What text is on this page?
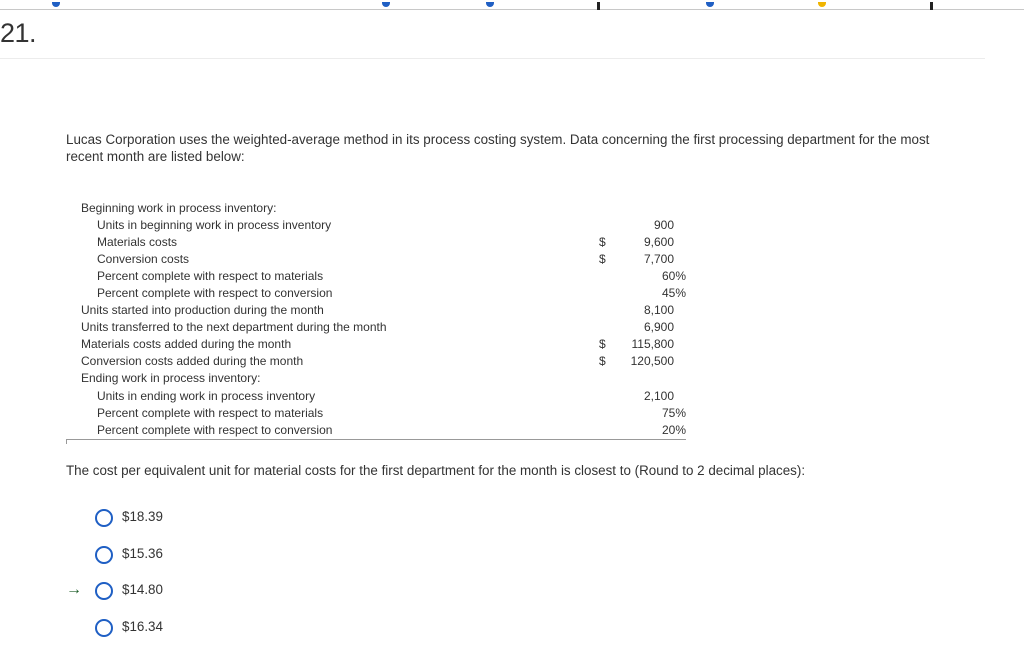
21.
Lucas Corporation uses the weighted-average method in its process costing system. Data concerning the first processing department for the most recent month are listed below:
Beginning work in process inventory:
Units in beginning work in process inventory	900
Materials costs	$	9,600
Conversion costs	$	7,700
Percent complete with respect to materials	60%
Percent complete with respect to conversion	45%
Units started into production during the month	8,100
Units transferred to the next department during the month	6,900
Materials costs added during the month	$ 115,800
Conversion costs added during the month	$ 120,500
Ending work in process inventory:
Units in ending work in process inventory	2,100
Percent complete with respect to materials	75%
Percent complete with respect to conversion	20%
The cost per equivalent unit for material costs for the first department for the month is closest to (Round to 2 decimal places):
$18.39
$15.36
$14.80
→
$16.34
